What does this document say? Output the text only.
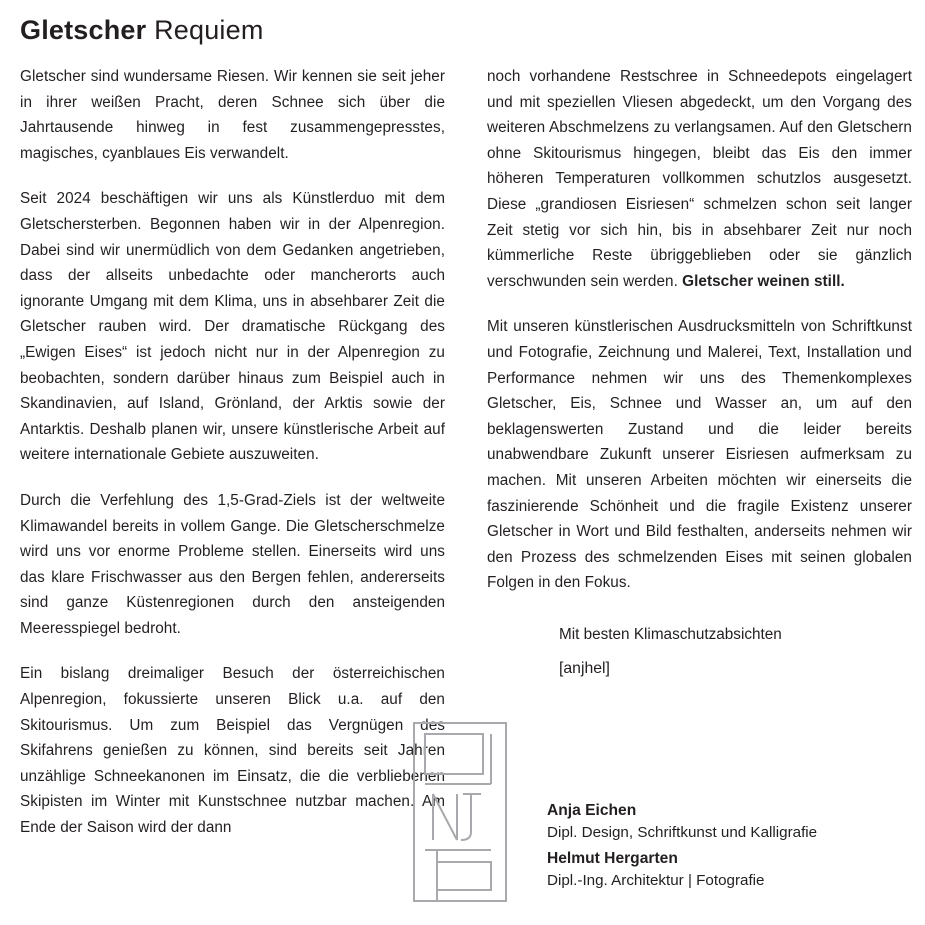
Gletscher Requiem

Gletscher sind wundersame Riesen. Wir kennen sie seit jeher in ihrer weißen Pracht, deren Schnee sich über die Jahrtausende hinweg in fest zusammengepresstes, magisches, cyanblaues Eis verwandelt.

Seit 2024 beschäftigen wir uns als Künstlerduo mit dem Gletschersterben. Begonnen haben wir in der Alpenregion. Dabei sind wir unermüdlich von dem Gedanken angetrieben, dass der allseits unbedachte oder mancherorts auch ignorante Umgang mit dem Klima, uns in absehbarer Zeit die Gletscher rauben wird. Der dramatische Rückgang des „Ewigen Eises“ ist jedoch nicht nur in der Alpenregion zu beobachten, sondern darüber hinaus zum Beispiel auch in Skandinavien, auf Island, Grönland, der Arktis sowie der Antarktis. Deshalb planen wir, unsere künstlerische Arbeit auf weitere internationale Gebiete auszuweiten.

Durch die Verfehlung des 1,5-Grad-Ziels ist der weltweite Klimawandel bereits in vollem Gange. Die Gletscherschmelze wird uns vor enorme Probleme stellen. Einerseits wird uns das klare Frischwasser aus den Bergen fehlen, andererseits sind ganze Küstenregionen durch den ansteigenden Meeresspiegel bedroht.

Ein bislang dreimaliger Besuch der österreichischen Alpenregion, fokussierte unseren Blick u.a. auf den Skitourismus. Um zum Beispiel das Vergnügen des Skifahrens genießen zu können, sind bereits seit Jahren unzählige Schneekanonen im Einsatz, die die verbliebenen Skipisten im Winter mit Kunstschnee nutzbar machen. Am Ende der Saison wird der dann

noch vorhandene Restschree in Schneedepots eingelagert und mit speziellen Vliesen abgedeckt, um den Vorgang des weiteren Abschmelzens zu verlangsamen. Auf den Gletschern ohne Skitourismus hingegen, bleibt das Eis den immer höheren Temperaturen vollkommen schutzlos ausgesetzt. Diese „grandiosen Eisriesen“ schmelzen schon seit langer Zeit stetig vor sich hin, bis in absehbarer Zeit nur noch kümmerliche Reste übriggeblieben oder sie gänzlich verschwunden sein werden. Gletscher weinen still.

Mit unseren künstlerischen Ausdrucksmitteln von Schriftkunst und Fotografie, Zeichnung und Malerei, Text, Installation und Performance nehmen wir uns des Themenkomplexes Gletscher, Eis, Schnee und Wasser an, um auf den beklagenswerten Zustand und die leider bereits unabwendbare Zukunft unserer Eisriesen aufmerksam zu machen. Mit unseren Arbeiten möchten wir einerseits die faszinierende Schönheit und die fragile Existenz unserer Gletscher in Wort und Bild festhalten, anderseits nehmen wir den Prozess des schmelzenden Eises mit seinen globalen Folgen in den Fokus.

Mit besten Klimaschutzabsichten
[anjhel]
Anja Eichen
Dipl. Design, Schriftkunst und Kalligrafie
Helmut Hergarten
Dipl.-Ing. Architektur | Fotografie
